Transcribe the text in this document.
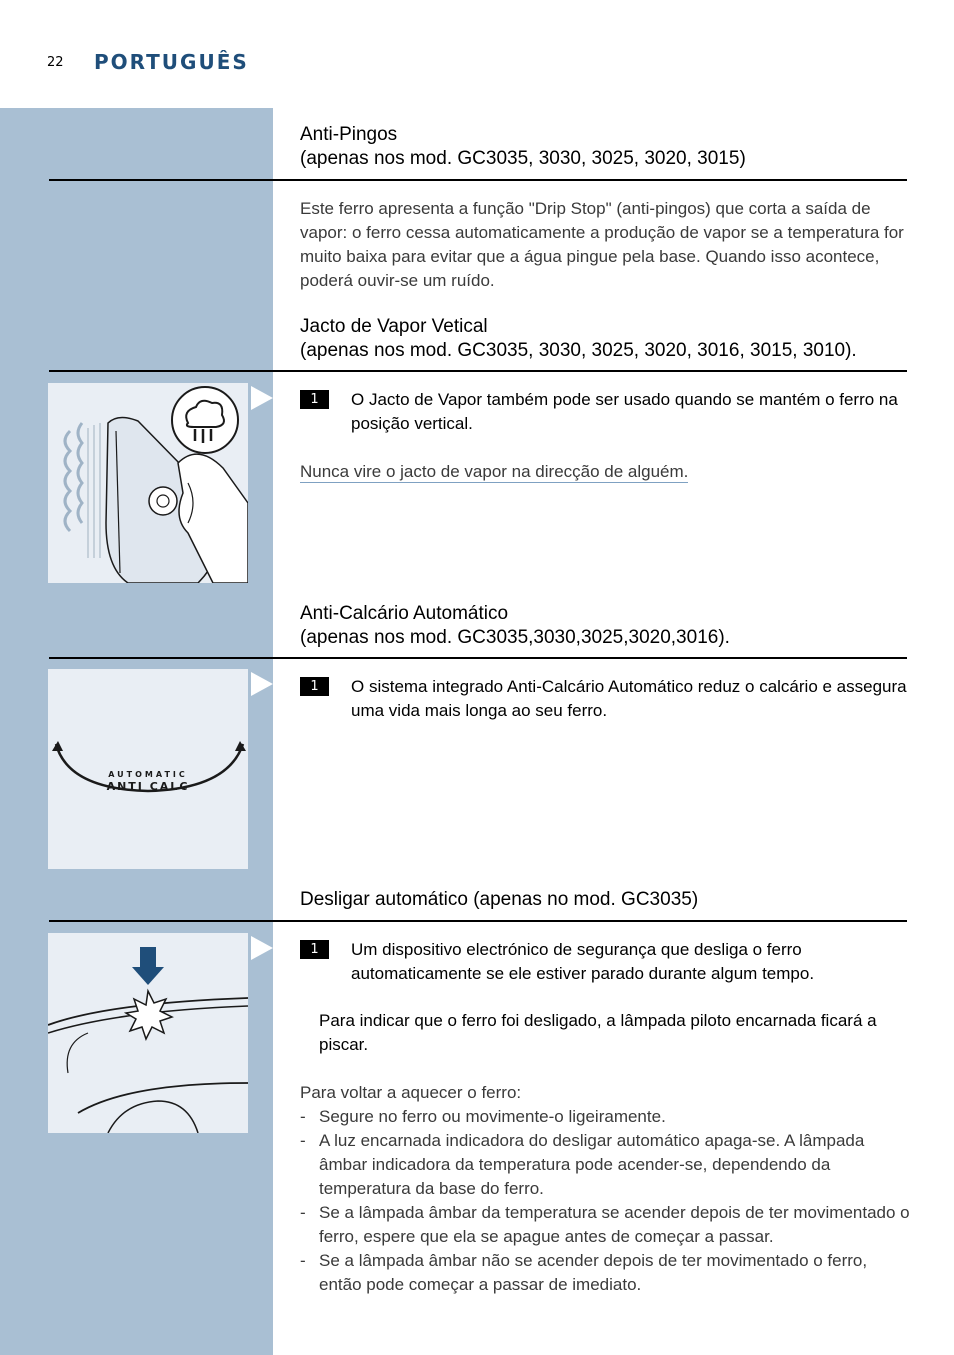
22 PORTUGUÊS
Anti-Pingos
(apenas nos mod. GC3035, 3030, 3025, 3020, 3015)
Este ferro apresenta a função "Drip Stop" (anti-pingos) que corta a saída de vapor: o ferro cessa automaticamente a produção de vapor se a temperatura for muito baixa para evitar que a água pingue pela base. Quando isso acontece, poderá ouvir-se um ruído.
Jacto de Vapor Vetical
(apenas nos mod. GC3035, 3030, 3025, 3020, 3016, 3015, 3010).
1	O Jacto de Vapor também pode ser usado quando se mantém o ferro na posição vertical.
Nunca vire o jacto de vapor na direcção de alguém.
Anti-Calcário Automático
(apenas nos mod. GC3035,3030,3025,3020,3016).
AUTOMATIC
ANTI CALC
1	O sistema integrado Anti-Calcário Automático reduz o calcário e assegura uma vida mais longa ao seu ferro.
Desligar automático (apenas no mod. GC3035)
1	Um dispositivo electrónico de segurança que desliga o ferro automaticamente se ele estiver parado durante algum tempo.
Para indicar que o ferro foi desligado, a lâmpada piloto encarnada ficará a piscar.
Para voltar a aquecer o ferro:
- Segure no ferro ou movimente-o ligeiramente.
- A luz encarnada indicadora do desligar automático apaga-se. A lâmpada âmbar indicadora da temperatura pode acender-se, dependendo da temperatura da base do ferro.
- Se a lâmpada âmbar da temperatura se acender depois de ter movimentado o ferro, espere que ela se apague antes de começar a passar.
- Se a lâmpada âmbar não se acender depois de ter movimentado o ferro, então pode começar a passar de imediato.
